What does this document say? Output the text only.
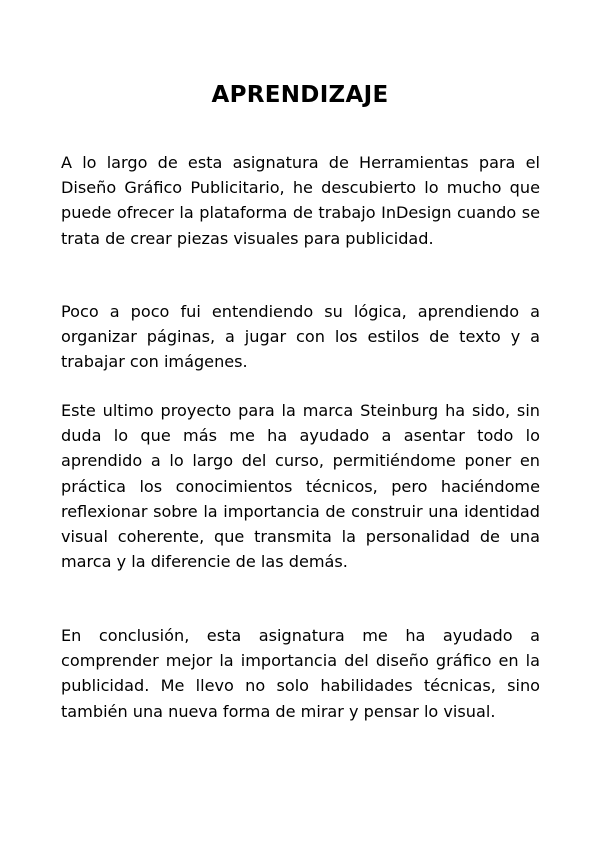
APRENDIZAJE

A lo largo de esta asignatura de Herramientas para el Diseño Gráfico Publicitario, he descubierto lo mucho que puede ofrecer la plataforma de trabajo InDesign cuando se trata de crear piezas visuales para publicidad.

Poco a poco fui entendiendo su lógica, aprendiendo a organizar páginas, a jugar con los estilos de texto y a trabajar con imágenes.

Este ultimo proyecto para la marca Steinburg ha sido, sin duda lo que más me ha ayudado a asentar todo lo aprendido a lo largo del curso, permitiéndome poner en práctica los conocimientos técnicos, pero haciéndome reflexionar sobre la importancia de construir una identidad visual coherente, que transmita la personalidad de una marca y la diferencie de las demás.

En conclusión, esta asignatura me ha ayudado a comprender mejor la importancia del diseño gráfico en la publicidad. Me llevo no solo habilidades técnicas, sino también una nueva forma de mirar y pensar lo visual.
